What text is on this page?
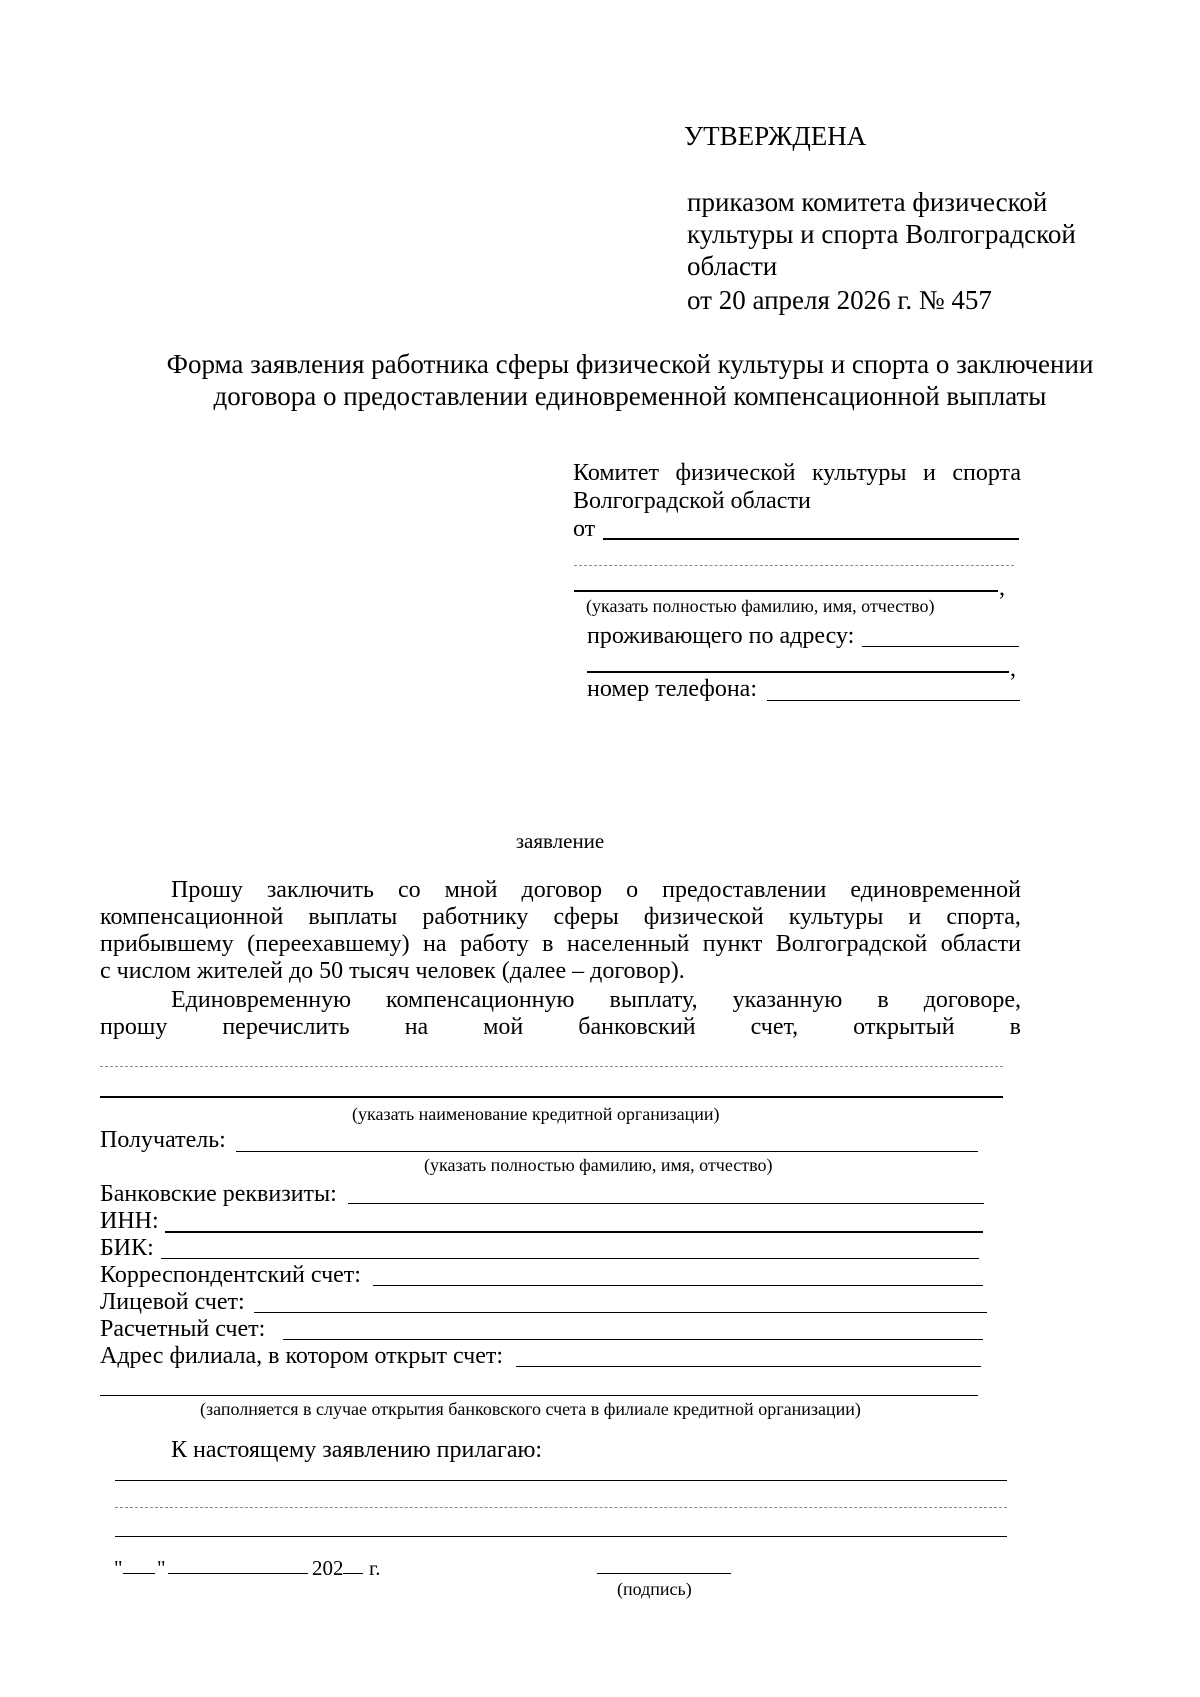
УТВЕРЖДЕНА
приказом комитета физической
культуры и спорта Волгоградской
области
от 20 апреля 2026 г. № 457
Форма заявления работника сферы физической культуры и спорта о заключении
договора о предоставлении единовременной компенсационной выплаты
Комитет физической культуры и спорта
Волгоградской области
от
,
(указать полностью фамилию, имя, отчество)
проживающего по адресу:
,
номер телефона:
заявление
Прошу заключить со мной договор о предоставлении единовременной
компенсационной выплаты работнику сферы физической культуры и спорта,
прибывшему (переехавшему) на работу в населенный пункт Волгоградской области
с числом жителей до 50 тысяч человек (далее – договор).
Единовременную компенсационную выплату, указанную в договоре,
прошу перечислить на мой банковский счет, открытый в
(указать наименование кредитной организации)
Получатель:
(указать полностью фамилию, имя, отчество)
Банковские реквизиты:
ИНН:
БИК:
Корреспондентский счет:
Лицевой счет:
Расчетный счет:
Адрес филиала, в котором открыт счет:
(заполняется в случае открытия банковского счета в филиале кредитной организации)
К настоящему заявлению прилагаю:
" "	202 г.
(подпись)
